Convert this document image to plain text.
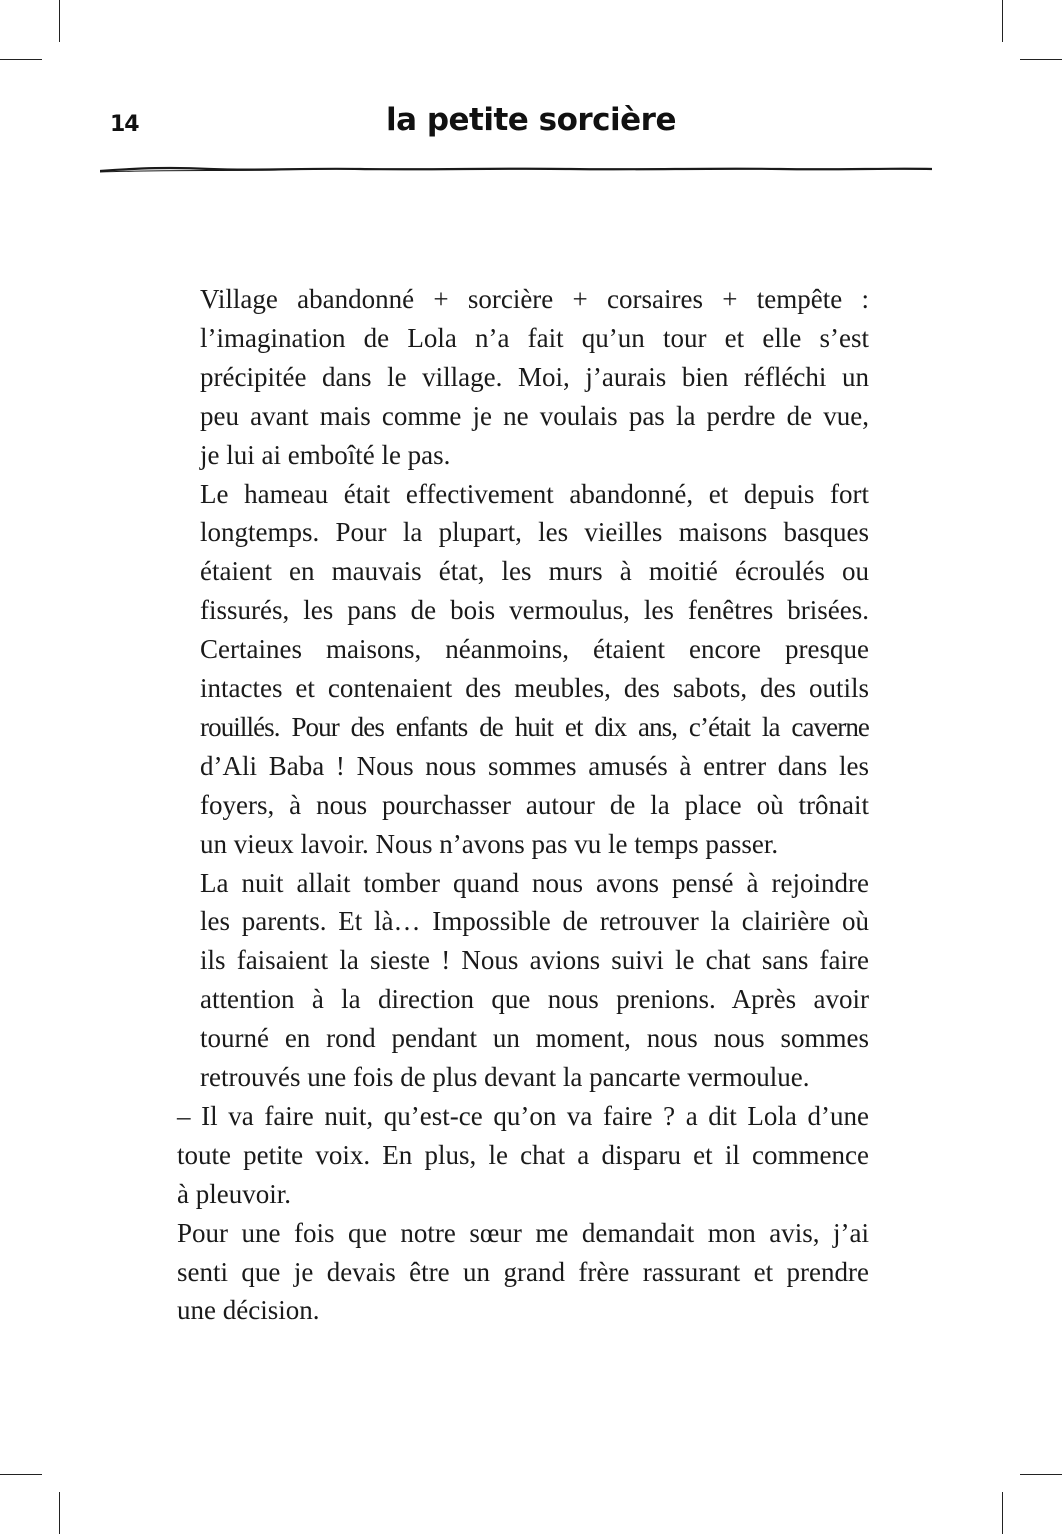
14	la petite sorcière
Village abandonné + sorcière + corsaires + tempête :
l’imagination de Lola n’a fait qu’un tour et elle s’est
précipitée dans le village. Moi, j’aurais bien réfléchi un
peu avant mais comme je ne voulais pas la perdre de vue,
je lui ai emboîté le pas.
Le hameau était effectivement abandonné, et depuis fort
longtemps. Pour la plupart, les vieilles maisons basques
étaient en mauvais état, les murs à moitié écroulés ou
fissurés, les pans de bois vermoulus, les fenêtres brisées.
Certaines maisons, néanmoins, étaient encore presque
intactes et contenaient des meubles, des sabots, des outils
rouillés. Pour des enfants de huit et dix ans, c’était la caverne
d’Ali Baba ! Nous nous sommes amusés à entrer dans les
foyers, à nous pourchasser autour de la place où trônait
un vieux lavoir. Nous n’avons pas vu le temps passer.
La nuit allait tomber quand nous avons pensé à rejoindre
les parents. Et là… Impossible de retrouver la clairière où
ils faisaient la sieste ! Nous avions suivi le chat sans faire
attention à la direction que nous prenions. Après avoir
tourné en rond pendant un moment, nous nous sommes
retrouvés une fois de plus devant la pancarte vermoulue.
– Il va faire nuit, qu’est-ce qu’on va faire ? a dit Lola d’une
toute petite voix. En plus, le chat a disparu et il commence
à pleuvoir.
Pour une fois que notre sœur me demandait mon avis, j’ai
senti que je devais être un grand frère rassurant et prendre
une décision.
